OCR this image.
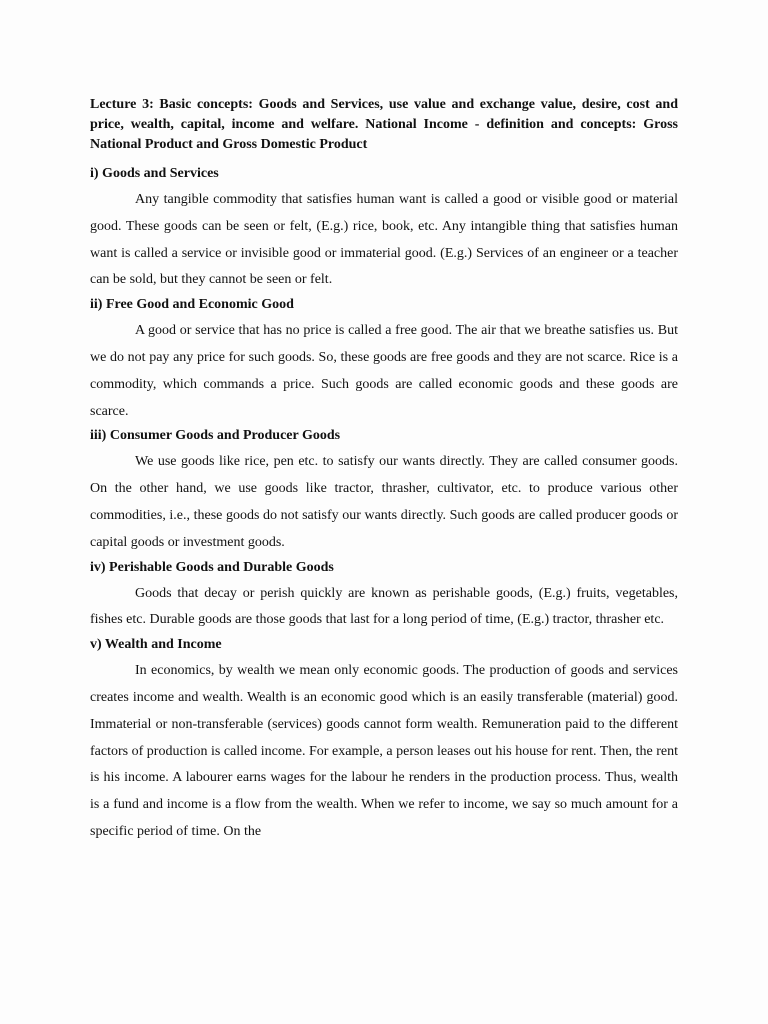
Lecture 3: Basic concepts: Goods and Services, use value and exchange value, desire, cost and price, wealth, capital, income and welfare. National Income - definition and concepts: Gross National Product and Gross Domestic Product
i) Goods and Services
Any tangible commodity that satisfies human want is called a good or visible good or material good. These goods can be seen or felt, (E.g.) rice, book, etc. Any intangible thing that satisfies human want is called a service or invisible good or immaterial good. (E.g.) Services of an engineer or a teacher can be sold, but they cannot be seen or felt.
ii) Free Good and Economic Good
A good or service that has no price is called a free good. The air that we breathe satisfies us. But we do not pay any price for such goods. So, these goods are free goods and they are not scarce. Rice is a commodity, which commands a price. Such goods are called economic goods and these goods are scarce.
iii) Consumer Goods and Producer Goods
We use goods like rice, pen etc. to satisfy our wants directly. They are called consumer goods. On the other hand, we use goods like tractor, thrasher, cultivator, etc. to produce various other commodities, i.e., these goods do not satisfy our wants directly. Such goods are called producer goods or capital goods or investment goods.
iv) Perishable Goods and Durable Goods
Goods that decay or perish quickly are known as perishable goods, (E.g.) fruits, vegetables, fishes etc. Durable goods are those goods that last for a long period of time, (E.g.) tractor, thrasher etc.
v) Wealth and Income
In economics, by wealth we mean only economic goods. The production of goods and services creates income and wealth. Wealth is an economic good which is an easily transferable (material) good. Immaterial or non-transferable (services) goods cannot form wealth. Remuneration paid to the different factors of production is called income. For example, a person leases out his house for rent. Then, the rent is his income. A labourer earns wages for the labour he renders in the production process. Thus, wealth is a fund and income is a flow from the wealth. When we refer to income, we say so much amount for a specific period of time. On the
